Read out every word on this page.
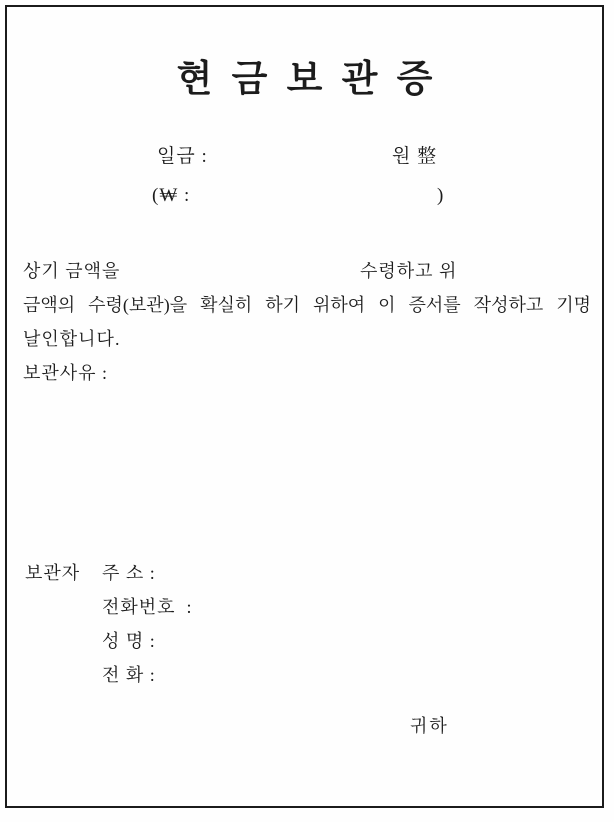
현 금 보 관 증
일금 :	원 整
(₩ :	)
상기 금액을	수령하고 위
금액의 수령(보관)을 확실히 하기 위하여 이 증서를 작성하고 기명
날인합니다.
보관사유 :
보관자 주 소 :
전화번호  :
성 명 :
전 화 :
귀하
